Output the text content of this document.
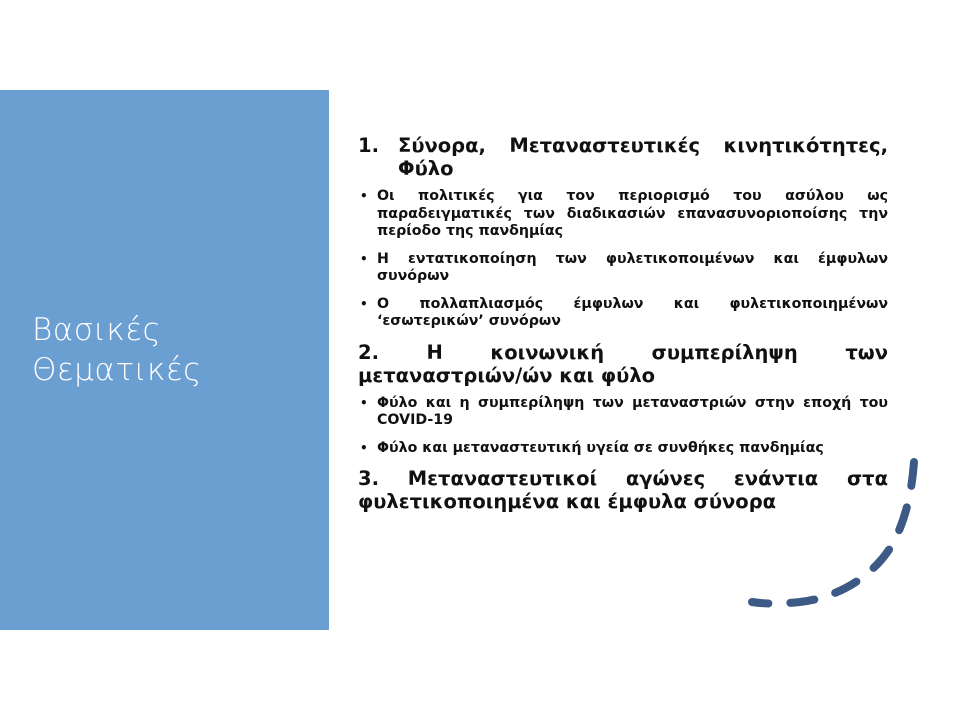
Βασικές
Θεματικές
1. Σύνορα, Μεταναστευτικές κινητικότητες, Φύλο
• Οι πολιτικές για τον περιορισμό του ασύλου ως παραδειγματικές των διαδικασιών επανασυνοριοποίσης την περίοδο της πανδημίας
• Η εντατικοποίηση των φυλετικοποιμένων και έμφυλων συνόρων
• Ο πολλαπλιασμός έμφυλων και φυλετικοποιημένων ‘εσωτερικών’ συνόρων
2. Η κοινωνική συμπερίληψη των μεταναστριών/ών και φύλο
• Φύλο και η συμπερίληψη των μεταναστριών στην εποχή του COVID-19
• Φύλο και μεταναστευτική υγεία σε συνθήκες πανδημίας
3. Μεταναστευτικοί αγώνες ενάντια στα φυλετικοποιημένα και έμφυλα σύνορα
